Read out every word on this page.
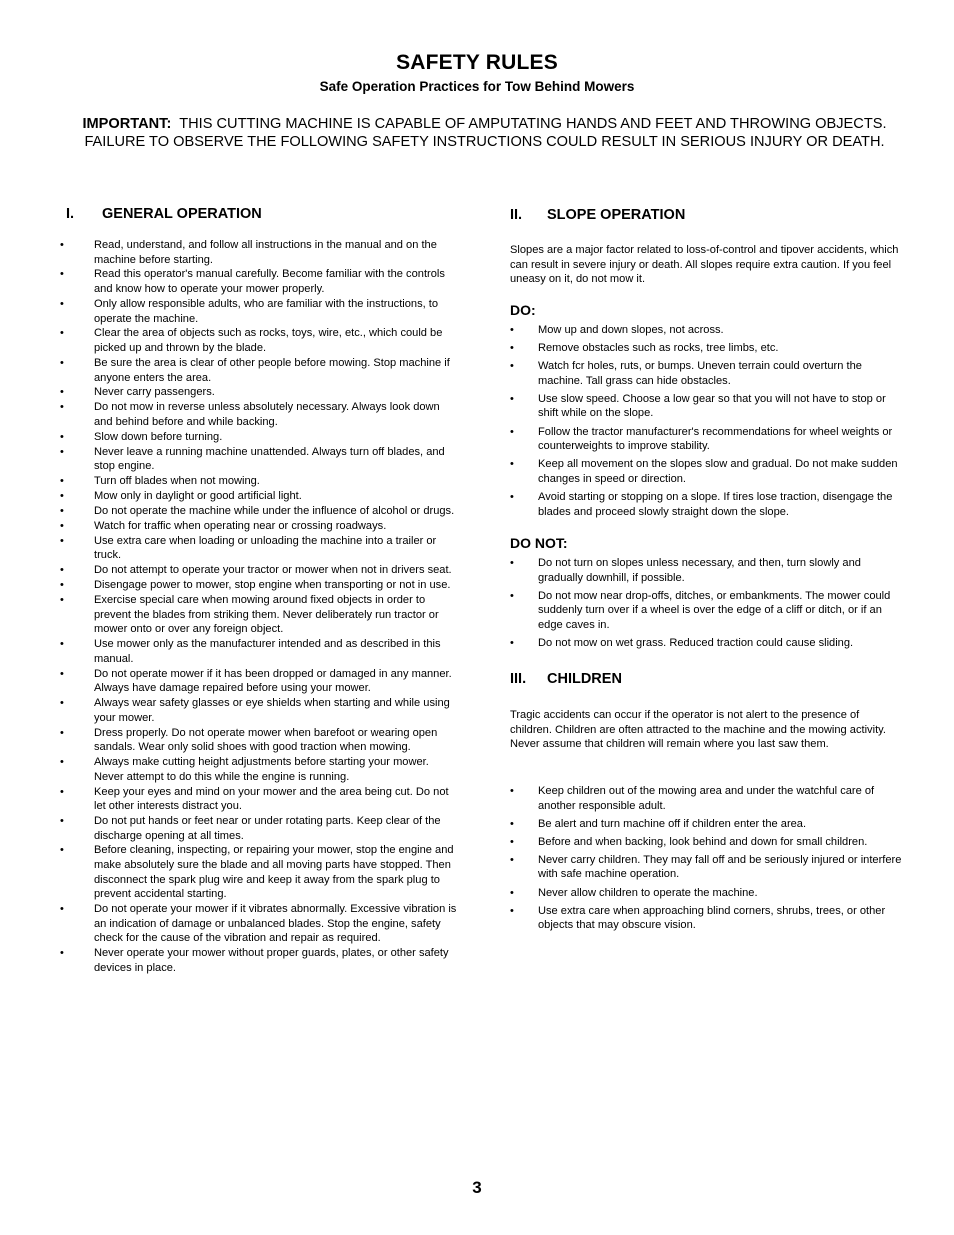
SAFETY RULES
Safe Operation Practices for Tow Behind Mowers
IMPORTANT: THIS CUTTING MACHINE IS CAPABLE OF AMPUTATING HANDS AND FEET AND THROWING OBJECTS. FAILURE TO OBSERVE THE FOLLOWING SAFETY INSTRUCTIONS COULD RESULT IN SERIOUS INJURY OR DEATH.
I. GENERAL OPERATION
•	Read, understand, and follow all instructions in the manual and on the machine before starting.
•	Read this operator's manual carefully. Become familiar with the controls and know how to operate your mower properly.
•	Only allow responsible adults, who are familiar with the instructions, to operate the machine.
•	Clear the area of objects such as rocks, toys, wire, etc., which could be picked up and thrown by the blade.
•	Be sure the area is clear of other people before mowing. Stop machine if anyone enters the area.
•	Never carry passengers.
•	Do not mow in reverse unless absolutely necessary. Always look down and behind before and while backing.
•	Slow down before turning.
•	Never leave a running machine unattended. Always turn off blades, and stop engine.
•	Turn off blades when not mowing.
•	Mow only in daylight or good artificial light.
•	Do not operate the machine while under the influence of alcohol or drugs.
•	Watch for traffic when operating near or crossing roadways.
•	Use extra care when loading or unloading the machine into a trailer or truck.
•	Do not attempt to operate your tractor or mower when not in drivers seat.
•	Disengage power to mower, stop engine when transporting or not in use.
•	Exercise special care when mowing around fixed objects in order to prevent the blades from striking them. Never deliberately run tractor or mower onto or over any foreign object.
•	Use mower only as the manufacturer intended and as described in this manual.
•	Do not operate mower if it has been dropped or damaged in any manner. Always have damage repaired before using your mower.
•	Always wear safety glasses or eye shields when starting and while using your mower.
•	Dress properly. Do not operate mower when barefoot or wearing open sandals. Wear only solid shoes with good traction when mowing.
•	Always make cutting height adjustments before starting your mower. Never attempt to do this while the engine is running.
•	Keep your eyes and mind on your mower and the area being cut. Do not let other interests distract you.
•	Do not put hands or feet near or under rotating parts. Keep clear of the discharge opening at all times.
•	Before cleaning, inspecting, or repairing your mower, stop the engine and make absolutely sure the blade and all moving parts have stopped. Then disconnect the spark plug wire and keep it away from the spark plug to prevent accidental starting.
•	Do not operate your mower if it vibrates abnormally. Excessive vibration is an indication of damage or unbalanced blades. Stop the engine, safety check for the cause of the vibration and repair as required.
•	Never operate your mower without proper guards, plates, or other safety devices in place.
II. SLOPE OPERATION
Slopes are a major factor related to loss-of-control and tipover accidents, which can result in severe injury or death. All slopes require extra caution. If you feel uneasy on it, do not mow it.
DO:
• Mow up and down slopes, not across.
• Remove obstacles such as rocks, tree limbs, etc.
• Watch fcr holes, ruts, or bumps. Uneven terrain could overturn the machine. Tall grass can hide obstacles.
• Use slow speed. Choose a low gear so that you will not have to stop or shift while on the slope.
• Follow the tractor manufacturer's recommendations for wheel weights or counterweights to improve stability.
• Keep all movement on the slopes slow and gradual. Do not make sudden changes in speed or direction.
• Avoid starting or stopping on a slope. If tires lose traction, disengage the blades and proceed slowly straight down the slope.
DO NOT:
• Do not turn on slopes unless necessary, and then, turn slowly and gradually downhill, if possible.
• Do not mow near drop-offs, ditches, or embankments. The mower could suddenly turn over if a wheel is over the edge of a cliff or ditch, or if an edge caves in.
• Do not mow on wet grass. Reduced traction could cause sliding.
III. CHILDREN
Tragic accidents can occur if the operator is not alert to the presence of children. Children are often attracted to the machine and the mowing activity. Never assume that children will remain where you last saw them.
• Keep children out of the mowing area and under the watchful care of another responsible adult.
• Be alert and turn machine off if children enter the area.
• Before and when backing, look behind and down for small children.
• Never carry children. They may fall off and be seriously injured or interfere with safe machine operation.
• Never allow children to operate the machine.
• Use extra care when approaching blind corners, shrubs, trees, or other objects that may obscure vision.
3
